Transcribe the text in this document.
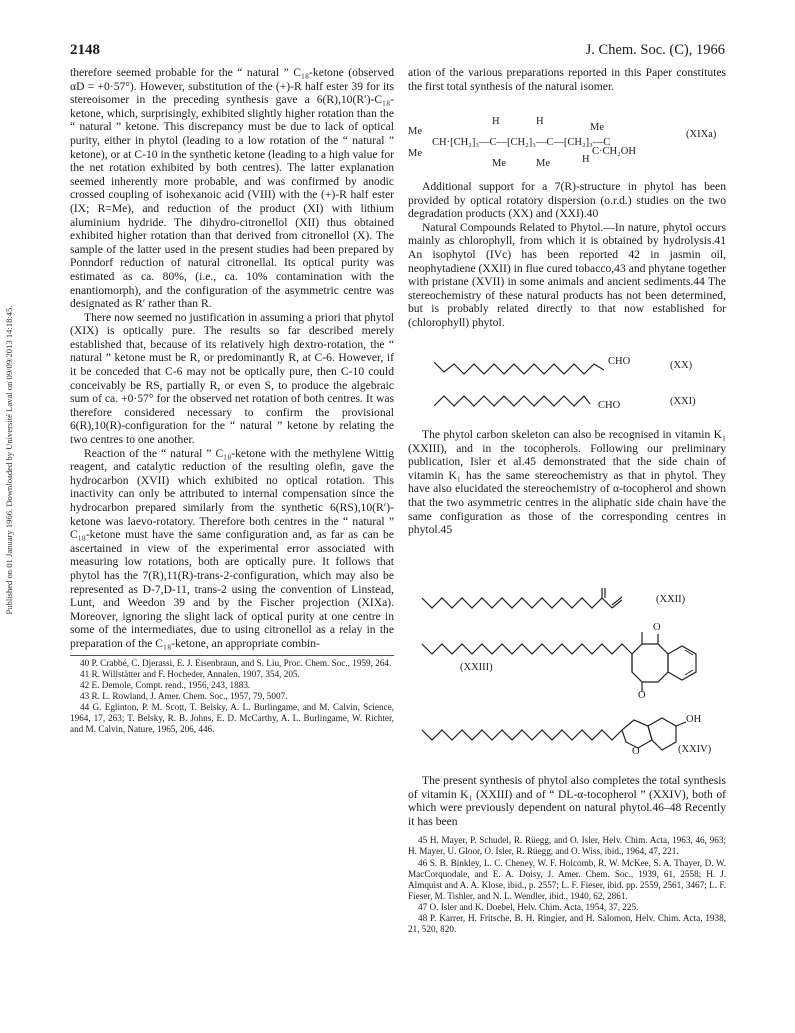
2148	J. Chem. Soc. (C), 1966
Published on 01 January 1966. Downloaded by Université Laval on 09/09/2013 14:18:45.

therefore seemed probable for the “ natural ” C₁₈-ketone (observed αD = +0·57°). However, substitution of the (+)-R half ester 39 for its stereoisomer in the preceding synthesis gave a 6(R),10(R′)-C₁₈-ketone, which, surprisingly, exhibited slightly higher rotation than the “ natural ” ketone. This discrepancy must be due to lack of optical purity, either in phytol (leading to a low rotation of the “ natural ” ketone), or at C-10 in the synthetic ketone (leading to a high value for the net rotation exhibited by both centres). The latter explanation seemed inherently more probable, and was confirmed by anodic crossed coupling of isohexanoic acid (VIII) with the (+)-R half ester (IX; R=Me), and reduction of the product (XI) with lithium aluminium hydride. The dihydro-citronellol (XII) thus obtained exhibited higher rotation than that derived from citronellol (X). The sample of the latter used in the present studies had been prepared by Ponndorf reduction of natural citronellal. Its optical purity was estimated as ca. 80%, (i.e., ca. 10% contamination with the enantiomorph), and the configuration of the asymmetric centre was designated as R′ rather than R.

There now seemed no justification in assuming a priori that phytol (XIX) is optically pure. The results so far described merely established that, because of its relatively high dextro-rotation, the “ natural ” ketone must be R, or predominantly R, at C-6. However, if it be conceded that C-6 may not be optically pure, then C-10 could conceivably be RS, partially R, or even S, to produce the algebraic sum of ca. +0·57° for the observed net rotation of both centres. It was therefore considered necessary to confirm the provisional 6(R),10(R)-configuration for the “ natural ” ketone by relating the two centres to one another.

Reaction of the “ natural ” C₁₈-ketone with the methylene Wittig reagent, and catalytic reduction of the resulting olefin, gave the hydrocarbon (XVII) which exhibited no optical rotation. This inactivity can only be attributed to internal compensation since the hydrocarbon prepared similarly from the synthetic 6(RS),10(R′)-ketone was laevo-rotatory. Therefore both centres in the “ natural ” C₁₈-ketone must have the same configuration and, as far as can be ascertained in view of the experimental error associated with measuring low rotations, both are optically pure. It follows that phytol has the 7(R),11(R)-trans-2-configuration, which may also be represented as D-7,D-11, trans-2 using the convention of Linstead, Lunt, and Weedon 39 and by the Fischer projection (XIXa). Moreover, ignoring the slight lack of optical purity at one centre in some of the intermediates, due to using citronellol as a relay in the preparation of the C₁₈-ketone, an appropriate combin-

40 P. Crabbé, C. Djerassi, E. J. Eisenbraun, and S. Liu, Proc. Chem. Soc., 1959, 264.

41 R. Willstätter and F. Hocheder, Annalen, 1907, 354, 205.

42 E. Demole, Compt. rend., 1956, 243, 1883.

43 R. L. Rowland, J. Amer. Chem. Soc., 1957, 79, 5007.

44 G. Eglinton, P. M. Scott, T. Belsky, A. L. Burlingame, and M. Calvin, Science, 1964, 17, 263; T. Belsky, R. B. Johns, E. D. McCarthy, A. L. Burlingame, W. Richter, and M. Calvin, Nature, 1965, 206, 446.

ation of the various preparations reported in this Paper constitutes the first total synthesis of the natural isomer.

Me
Me
CH·[CH₂]₃—C—[CH₂]₃—C—[CH₂]₃—C
H	H
Me	Me
Me
H
C·CH₂OH
(XIXa)

Additional support for a 7(R)-structure in phytol has been provided by optical rotatory dispersion (o.r.d.) studies on the two degradation products (XX) and (XXI).40

Natural Compounds Related to Phytol.—In nature, phytol occurs mainly as chlorophyll, from which it is obtained by hydrolysis.41 An isophytol (IVc) has been reported 42 in jasmin oil, neophytadiene (XXII) in flue cured tobacco,43 and phytane together with pristane (XVII) in some animals and ancient sediments.44 The stereochemistry of these natural products has not been determined, but is probably related directly to that now established for (chlorophyll) phytol.

CHO	(XX)
CHO	(XXI)

The phytol carbon skeleton can also be recognised in vitamin K₁ (XXIII), and in the tocopherols. Following our preliminary publication, Isler et al.45 demonstrated that the side chain of vitamin K₁ has the same stereochemistry as that in phytol. They have also elucidated the stereochemistry of α-tocopherol and shown that the two asymmetric centres in the aliphatic side chain have the same configuration as those of the corresponding centres in phytol.45

(XXII)
O
O
(XXIII)
OH
O	(XXIV)

The present synthesis of phytol also completes the total synthesis of vitamin K₁ (XXIII) and of “ DL-α-tocopherol ” (XXIV), both of which were previously dependent on natural phytol.46–48 Recently it has been

45 H. Mayer, P. Schudel, R. Rüegg, and O. Isler, Helv. Chim. Acta, 1963, 46, 963; H. Mayer, U. Gloor, O. Isler, R. Rüegg, and O. Wiss, ibid., 1964, 47, 221.

46 S. B. Binkley, L. C. Cheney, W. F. Holcomb, R. W. McKee, S. A. Thayer, D. W. MacCorquodale, and E. A. Doisy, J. Amer. Chem. Soc., 1939, 61, 2558; H. J. Almquist and A. A. Klose, ibid., p. 2557; L. F. Fieser, ibid. pp. 2559, 2561, 3467; L. F. Fieser, M. Tishler, and N. L. Wendler, ibid., 1940, 62, 2861.

47 O. Isler and K. Doebel, Helv. Chim. Acta, 1954, 37, 225.

48 P. Karrer, H. Fritsche, B. H. Ringier, and H. Salomon, Helv. Chim. Acta, 1938, 21, 520, 820.
